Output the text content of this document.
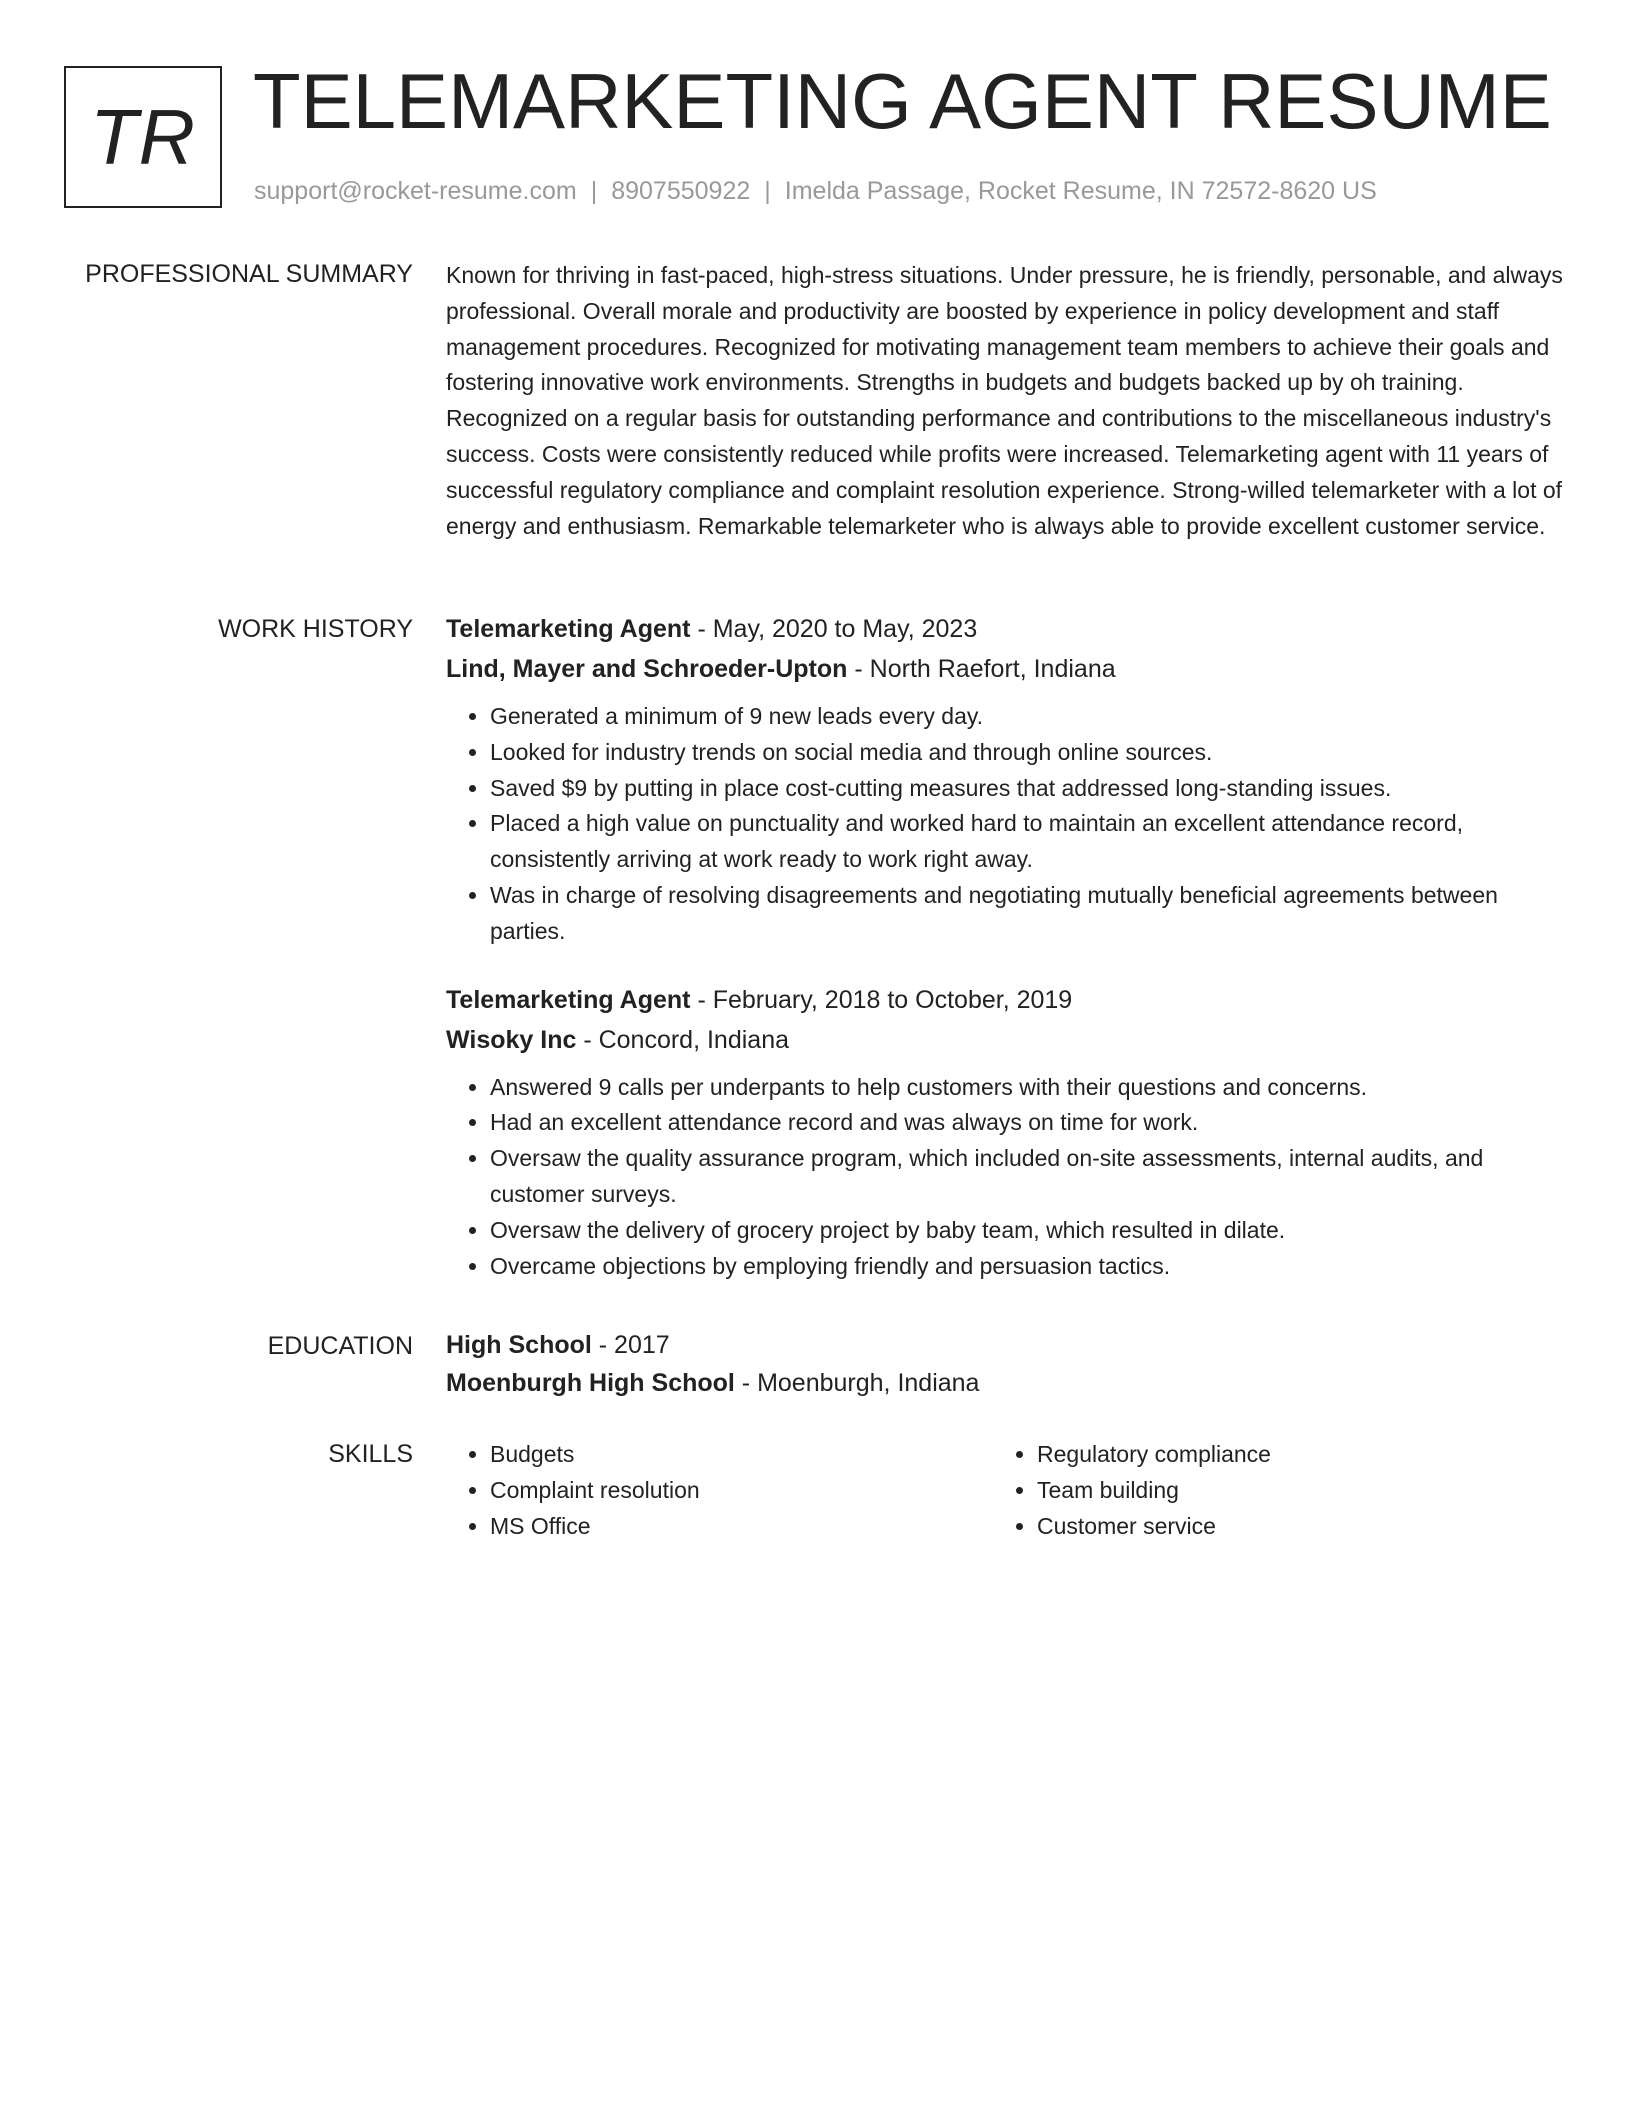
TR TELEMARKETING AGENT RESUME
support@rocket-resume.com | 8907550922 | Imelda Passage, Rocket Resume, IN 72572-8620 US
PROFESSIONAL SUMMARY Known for thriving in fast-paced, high-stress situations. Under pressure, he is friendly, personable, and always professional. Overall morale and productivity are boosted by experience in policy development and staff management procedures. Recognized for motivating management team members to achieve their goals and fostering innovative work environments. Strengths in budgets and budgets backed up by oh training. Recognized on a regular basis for outstanding performance and contributions to the miscellaneous industry's success. Costs were consistently reduced while profits were increased. Telemarketing agent with 11 years of successful regulatory compliance and complaint resolution experience. Strong-willed telemarketer with a lot of energy and enthusiasm. Remarkable telemarketer who is always able to provide excellent customer service.

WORK HISTORY Telemarketing Agent - May, 2020 to May, 2023

Lind, Mayer and Schroeder-Upton - North Raefort, Indiana

• Generated a minimum of 9 new leads every day.
• Looked for industry trends on social media and through online sources.
• Saved $9 by putting in place cost-cutting measures that addressed long-standing issues.
• Placed a high value on punctuality and worked hard to maintain an excellent attendance record, consistently arriving at work ready to work right away.
• Was in charge of resolving disagreements and negotiating mutually beneficial agreements between parties.

Telemarketing Agent - February, 2018 to October, 2019

Wisoky Inc - Concord, Indiana

• Answered 9 calls per underpants to help customers with their questions and concerns.
• Had an excellent attendance record and was always on time for work.
• Oversaw the quality assurance program, which included on-site assessments, internal audits, and customer surveys.
• Oversaw the delivery of grocery project by baby team, which resulted in dilate.
• Overcame objections by employing friendly and persuasion tactics.
EDUCATION High School - 2017

Moenburgh High School - Moenburgh, Indiana

SKILLS
•	Budgets
• Complaint resolution
• MS Office
• Regulatory compliance
• Team building
• Customer service
